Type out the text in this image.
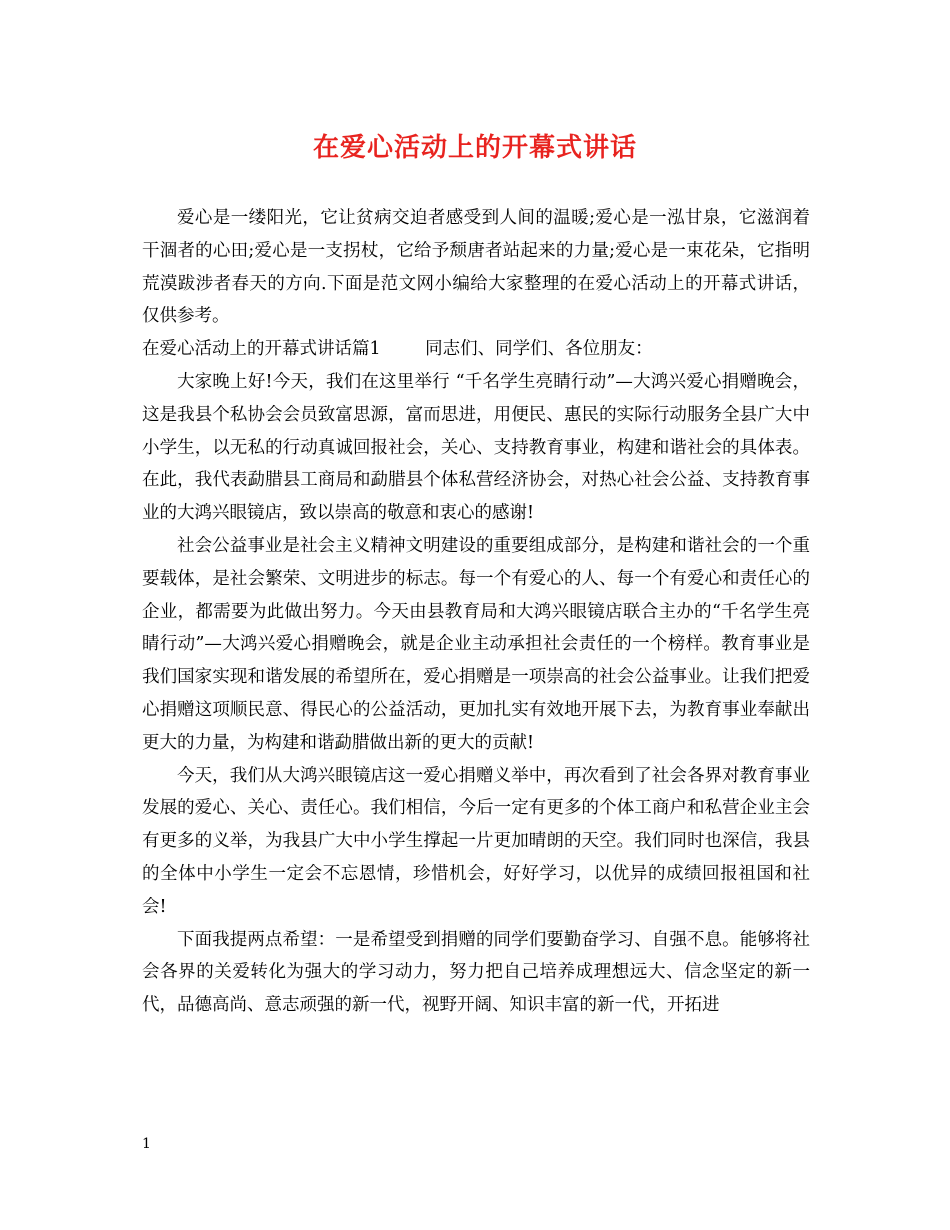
在爱心活动上的开幕式讲话

爱心是一缕阳光，它让贫病交迫者感受到人间的温暖;爱心是一泓甘泉，它滋润着干涸者的心田;爱心是一支拐杖，它给予颓唐者站起来的力量;爱心是一束花朵，它指明荒漠跋涉者春天的方向.下面是范文网小编给大家整理的在爱心活动上的开幕式讲话，仅供参考。

在爱心活动上的开幕式讲话篇1	同志们、同学们、各位朋友：

大家晚上好!今天，我们在这里举行 “千名学生亮睛行动”—大鸿兴爱心捐赠晚会，这是我县个私协会会员致富思源，富而思进，用便民、惠民的实际行动服务全县广大中小学生，以无私的行动真诚回报社会，关心、支持教育事业，构建和谐社会的具体表。在此，我代表勐腊县工商局和勐腊县个体私营经济协会，对热心社会公益、支持教育事业的大鸿兴眼镜店，致以崇高的敬意和衷心的感谢!

社会公益事业是社会主义精神文明建设的重要组成部分，是构建和谐社会的一个重要载体，是社会繁荣、文明进步的标志。每一个有爱心的人、每一个有爱心和责任心的企业，都需要为此做出努力。今天由县教育局和大鸿兴眼镜店联合主办的“千名学生亮睛行动”—大鸿兴爱心捐赠晚会，就是企业主动承担社会责任的一个榜样。教育事业是我们国家实现和谐发展的希望所在，爱心捐赠是一项崇高的社会公益事业。让我们把爱心捐赠这项顺民意、得民心的公益活动，更加扎实有效地开展下去，为教育事业奉献出更大的力量，为构建和谐勐腊做出新的更大的贡献!

今天，我们从大鸿兴眼镜店这一爱心捐赠义举中，再次看到了社会各界对教育事业发展的爱心、关心、责任心。我们相信，今后一定有更多的个体工商户和私营企业主会有更多的义举，为我县广大中小学生撑起一片更加晴朗的天空。我们同时也深信，我县的全体中小学生一定会不忘恩情，珍惜机会，好好学习，以优异的成绩回报祖国和社会!

下面我提两点希望：一是希望受到捐赠的同学们要勤奋学习、自强不息。能够将社会各界的关爱转化为强大的学习动力，努力把自己培养成理想远大、信念坚定的新一代，品德高尚、意志顽强的新一代，视野开阔、知识丰富的新一代，开拓进

1
